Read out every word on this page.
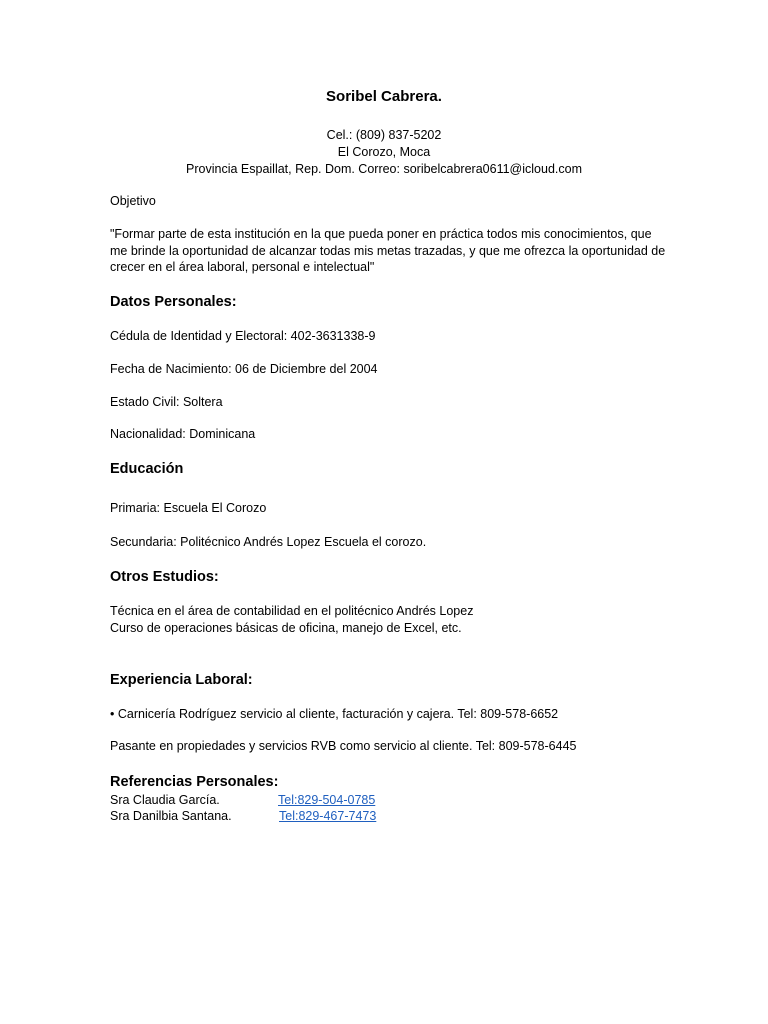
Soribel Cabrera.

Cel.: (809) 837-5202

El Corozo, Moca

Provincia Espaillat, Rep. Dom. Correo: soribelcabrera0611@icloud.com

Objetivo

"Formar parte de esta institución en la que pueda poner en práctica todos mis conocimientos, que me brinde la oportunidad de alcanzar todas mis metas trazadas, y que me ofrezca la oportunidad de crecer en el área laboral, personal e intelectual"

Datos Personales:

Cédula de Identidad y Electoral: 402-3631338-9

Fecha de Nacimiento: 06 de Diciembre del 2004

Estado Civil: Soltera

Nacionalidad: Dominicana

Educación

Primaria: Escuela El Corozo

Secundaria: Politécnico Andrés Lopez Escuela el corozo.

Otros Estudios:

Técnica en el área de contabilidad en el politécnico Andrés Lopez

Curso de operaciones básicas de oficina, manejo de Excel, etc.

Experiencia Laboral:

• Carnicería Rodríguez servicio al cliente, facturación y cajera. Tel: 809-578-6652

Pasante en propiedades y servicios RVB como servicio al cliente. Tel: 809-578-6445

Referencias Personales:
Sra Claudia García.	Tel:829-504-0785
Sra Danilbia Santana.	Tel:829-467-7473
